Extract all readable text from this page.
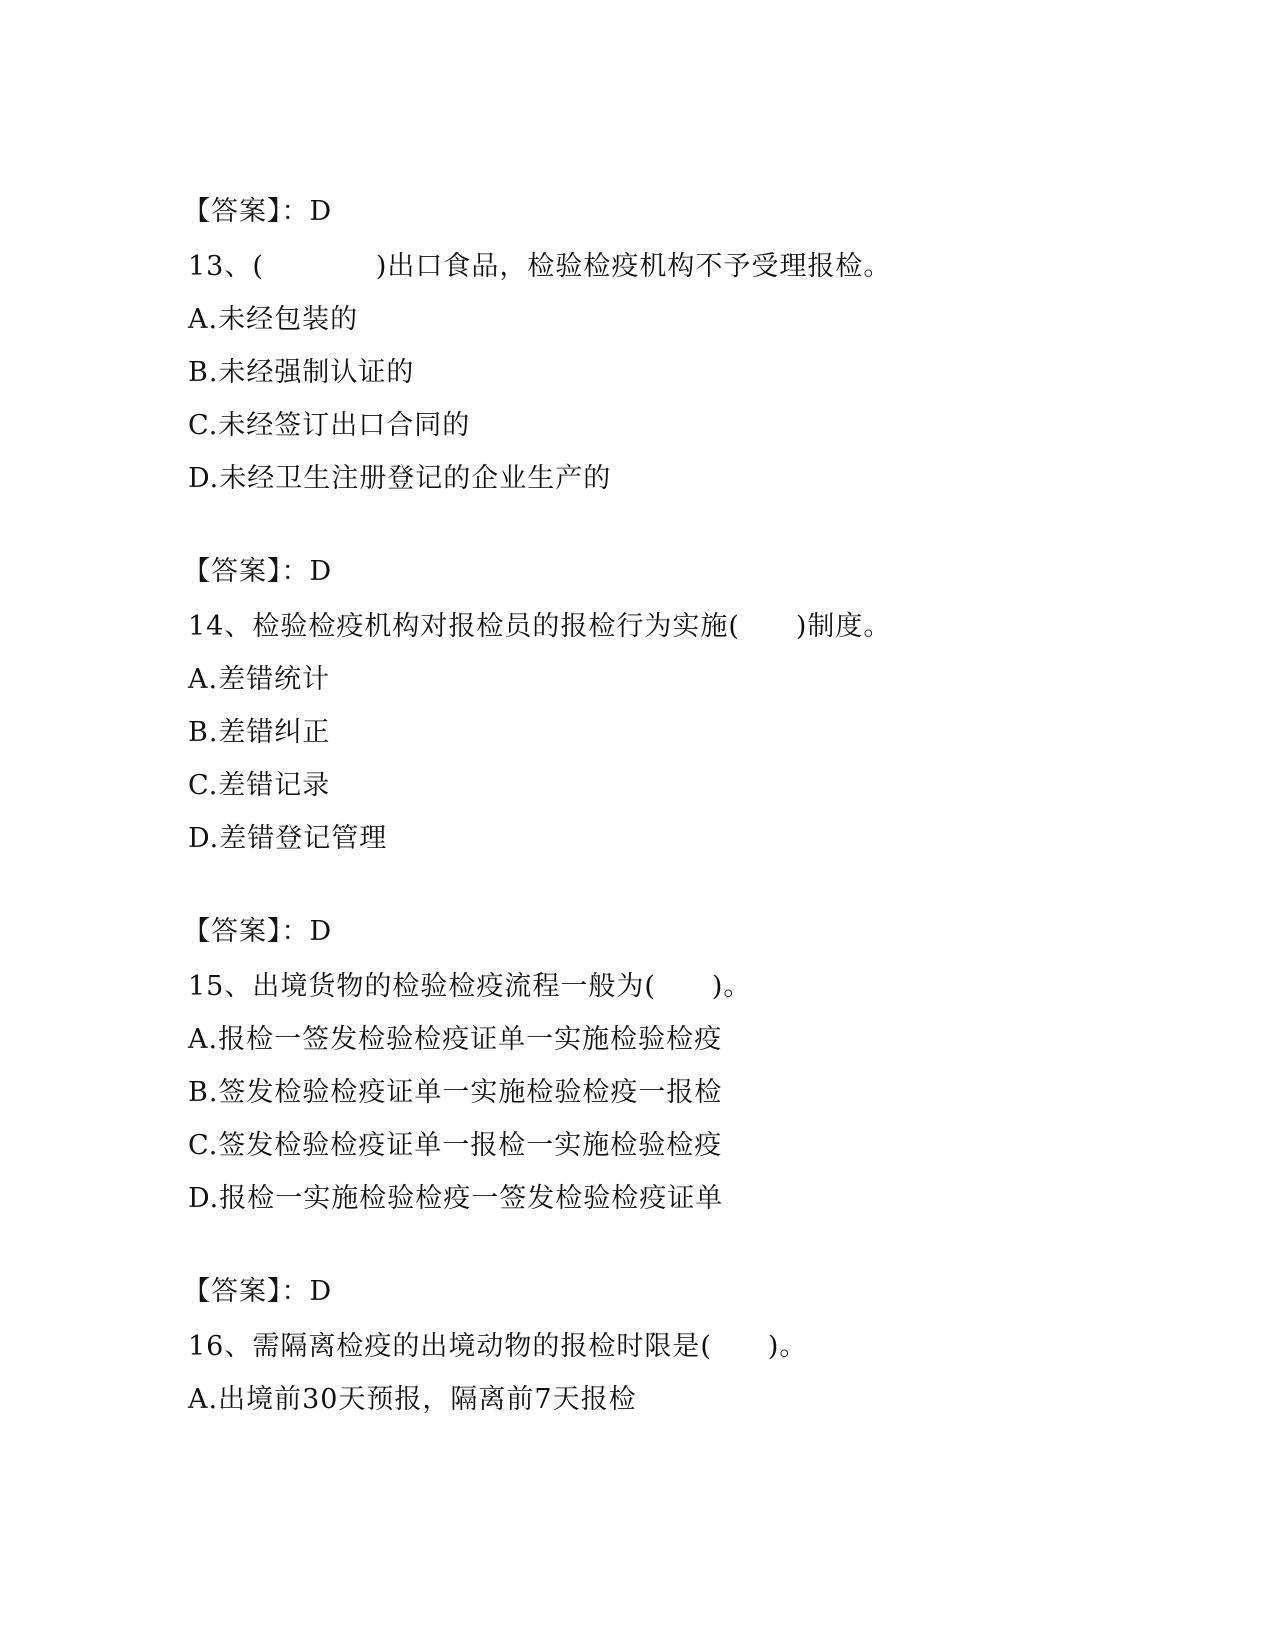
【答案】：D
13、(　　　　)出口食品，检验检疫机构不予受理报检。
A.未经包装的
B.未经强制认证的
C.未经签订出口合同的
D.未经卫生注册登记的企业生产的
【答案】：D
14、检验检疫机构对报检员的报检行为实施(　　)制度。
A.差错统计
B.差错纠正
C.差错记录
D.差错登记管理
【答案】：D
15、出境货物的检验检疫流程一般为(　　)。
A.报检一签发检验检疫证单一实施检验检疫
B.签发检验检疫证单一实施检验检疫一报检
C.签发检验检疫证单一报检一实施检验检疫
D.报检一实施检验检疫一签发检验检疫证单
【答案】：D
16、需隔离检疫的出境动物的报检时限是(　　)。
A.出境前30天预报，隔离前7天报检
